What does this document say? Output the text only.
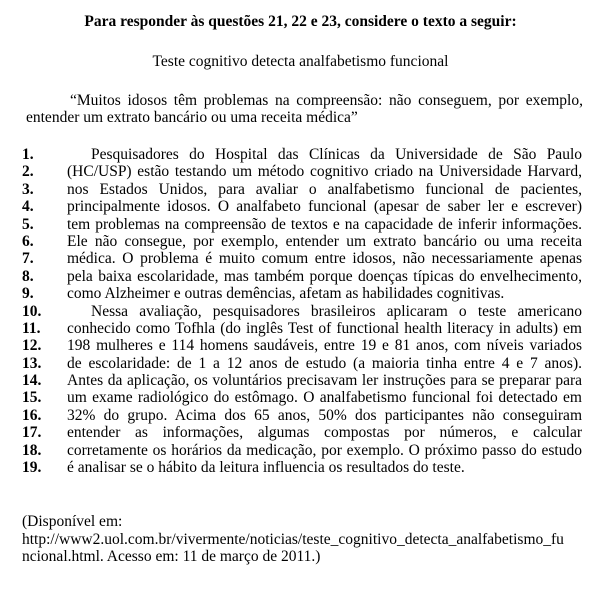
Para responder às questões 21, 22 e 23, considere o texto a seguir:
Teste cognitivo detecta analfabetismo funcional
“Muitos idosos têm problemas na compreensão: não conseguem, por exemplo, entender um extrato bancário ou uma receita médica”
1.	Pesquisadores do Hospital das Clínicas da Universidade de São Paulo
2.	(HC/USP) estão testando um método cognitivo criado na Universidade Harvard,
3.	nos Estados Unidos, para avaliar o analfabetismo funcional de pacientes,
4.	principalmente idosos. O analfabeto funcional (apesar de saber ler e escrever)
5.	tem problemas na compreensão de textos e na capacidade de inferir informações.
6.	Ele não consegue, por exemplo, entender um extrato bancário ou uma receita
7.	médica. O problema é muito comum entre idosos, não necessariamente apenas
8.	pela baixa escolaridade, mas também porque doenças típicas do envelhecimento,
9.	como Alzheimer e outras demências, afetam as habilidades cognitivas.
10.	Nessa avaliação, pesquisadores brasileiros aplicaram o teste americano
11.	conhecido como Tofhla (do inglês Test of functional health literacy in adults) em
12.	198 mulheres e 114 homens saudáveis, entre 19 e 81 anos, com níveis variados
13.	de escolaridade: de 1 a 12 anos de estudo (a maioria tinha entre 4 e 7 anos).
14.	Antes da aplicação, os voluntários precisavam ler instruções para se preparar para
15.	um exame radiológico do estômago. O analfabetismo funcional foi detectado em
16.	32% do grupo. Acima dos 65 anos, 50% dos participantes não conseguiram
17.	entender as informações, algumas compostas por números, e calcular
18.	corretamente os horários da medicação, por exemplo. O próximo passo do estudo
19.	é analisar se o hábito da leitura influencia os resultados do teste.
(Disponível em:
http://www2.uol.com.br/vivermente/noticias/teste_cognitivo_detecta_analfabetismo_fu
ncional.html. Acesso em: 11 de março de 2011.)
